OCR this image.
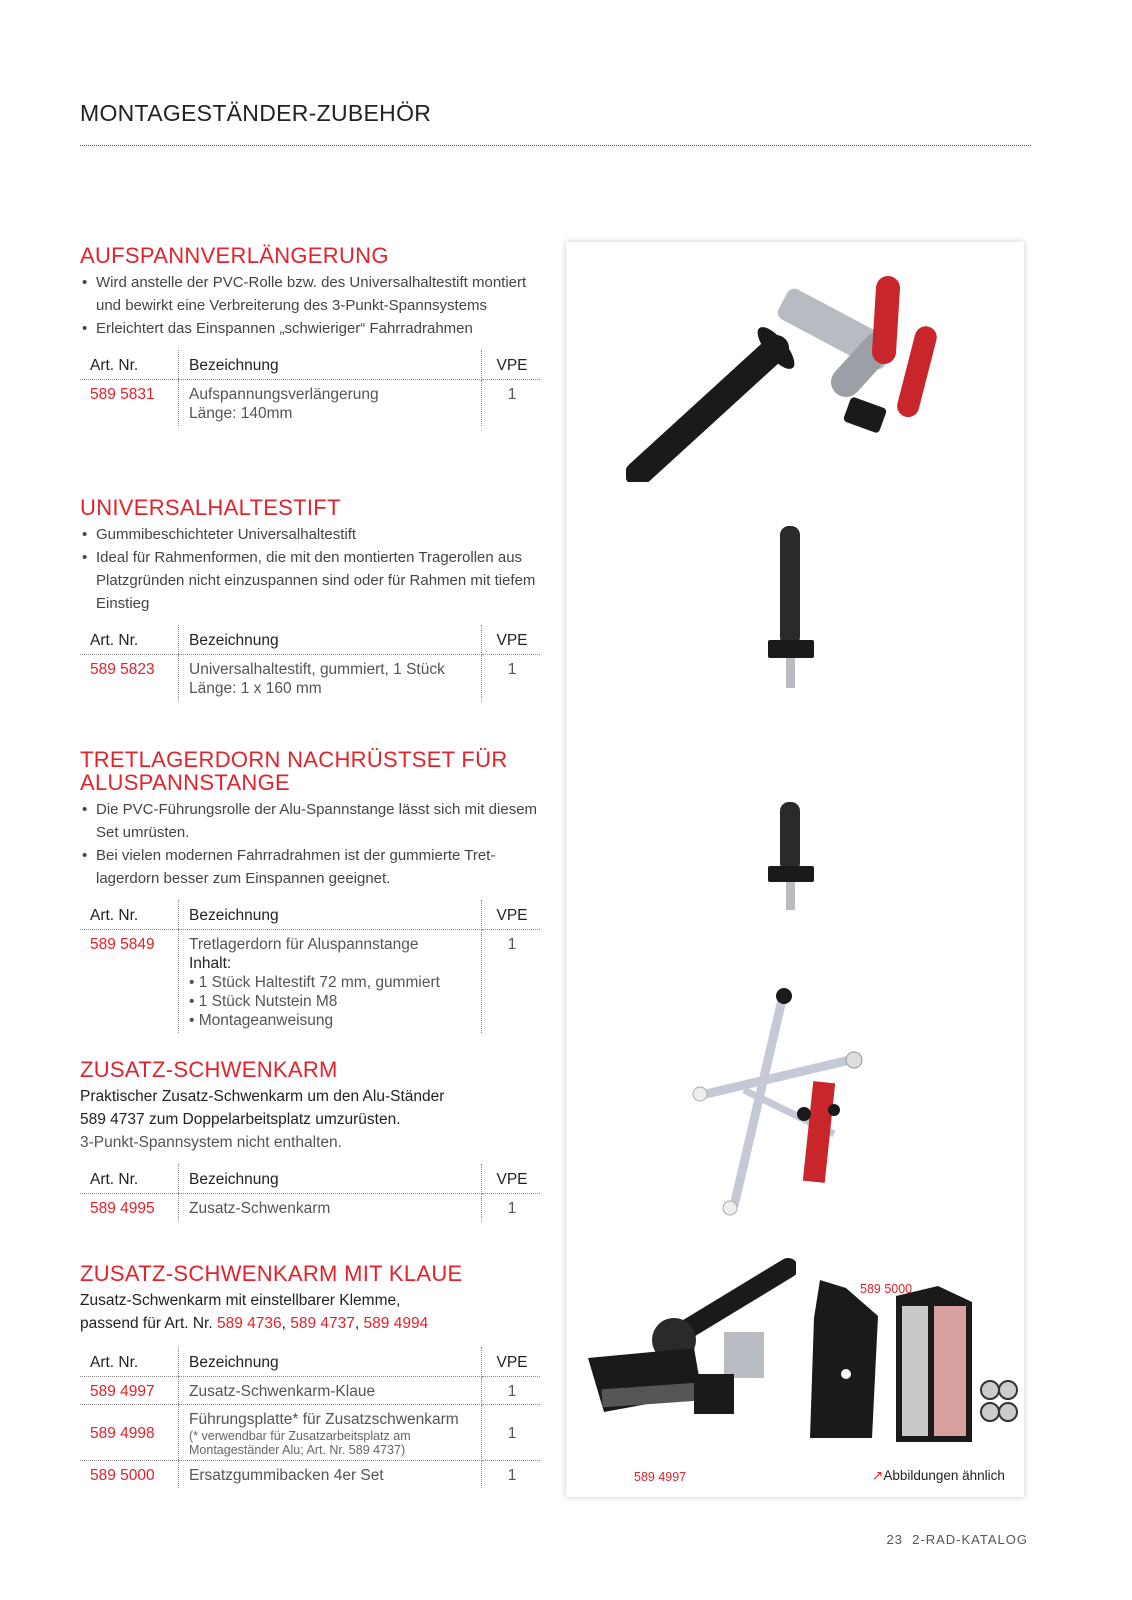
MONTAGESTÄNDER-ZUBEHÖR
AUFSPANNVERLÄNGERUNG
• Wird anstelle der PVC-Rolle bzw. des Universalhaltestift montiert und bewirkt eine Verbreiterung des 3-Punkt-Spannsystems
• Erleichtert das Einspannen „schwieriger“ Fahrradrahmen
Art. Nr.	Bezeichnung	VPE
589 5831	Aufspannungsverlängerung
Länge: 140mm	1
UNIVERSALHALTESTIFT
• Gummibeschichteter Universalhaltestift
• Ideal für Rahmenformen, die mit den montierten Tragerollen aus Platzgründen nicht einzuspannen sind oder für Rahmen mit tiefem Einstieg
Art. Nr.	Bezeichnung	VPE
589 5823	Universalhaltestift, gummiert, 1 Stück
Länge: 1 x 160 mm	1
TRETLAGERDORN NACHRÜSTSET FÜR ALUSPANNSTANGE
• Die PVC-Führungsrolle der Alu-Spannstange lässt sich mit diesem Set umrüsten.
• Bei vielen modernen Fahrradrahmen ist der gummierte Tret-lagerdorn besser zum Einspannen geeignet.
Art. Nr.	Bezeichnung	VPE
589 5849	Tretlagerdorn für Aluspannstange
Inhalt:
• 1 Stück Haltestift 72 mm, gummiert
• 1 Stück Nutstein M8
• Montageanweisung	1
ZUSATZ-SCHWENKARM
Praktischer Zusatz-Schwenkarm um den Alu-Ständer
589 4737 zum Doppelarbeitsplatz umzurüsten.
3-Punkt-Spannsystem nicht enthalten.
Art. Nr.	Bezeichnung	VPE
589 4995	Zusatz-Schwenkarm	1
ZUSATZ-SCHWENKARM MIT KLAUE
Zusatz-Schwenkarm mit einstellbarer Klemme,
passend für Art. Nr. 589 4736, 589 4737, 589 4994
Art. Nr.	Bezeichnung	VPE
589 4997	Zusatz-Schwenkarm-Klaue	1
589 4998	Führungsplatte* für Zusatzschwenkarm
(* verwendbar für Zusatzarbeitsplatz am
Montageständer Alu; Art. Nr. 589 4737)	1
589 5000	Ersatzgummibacken 4er Set	1
589 5000
589 4997	↗Abbildungen ähnlich
23 2-RAD-KATALOG
